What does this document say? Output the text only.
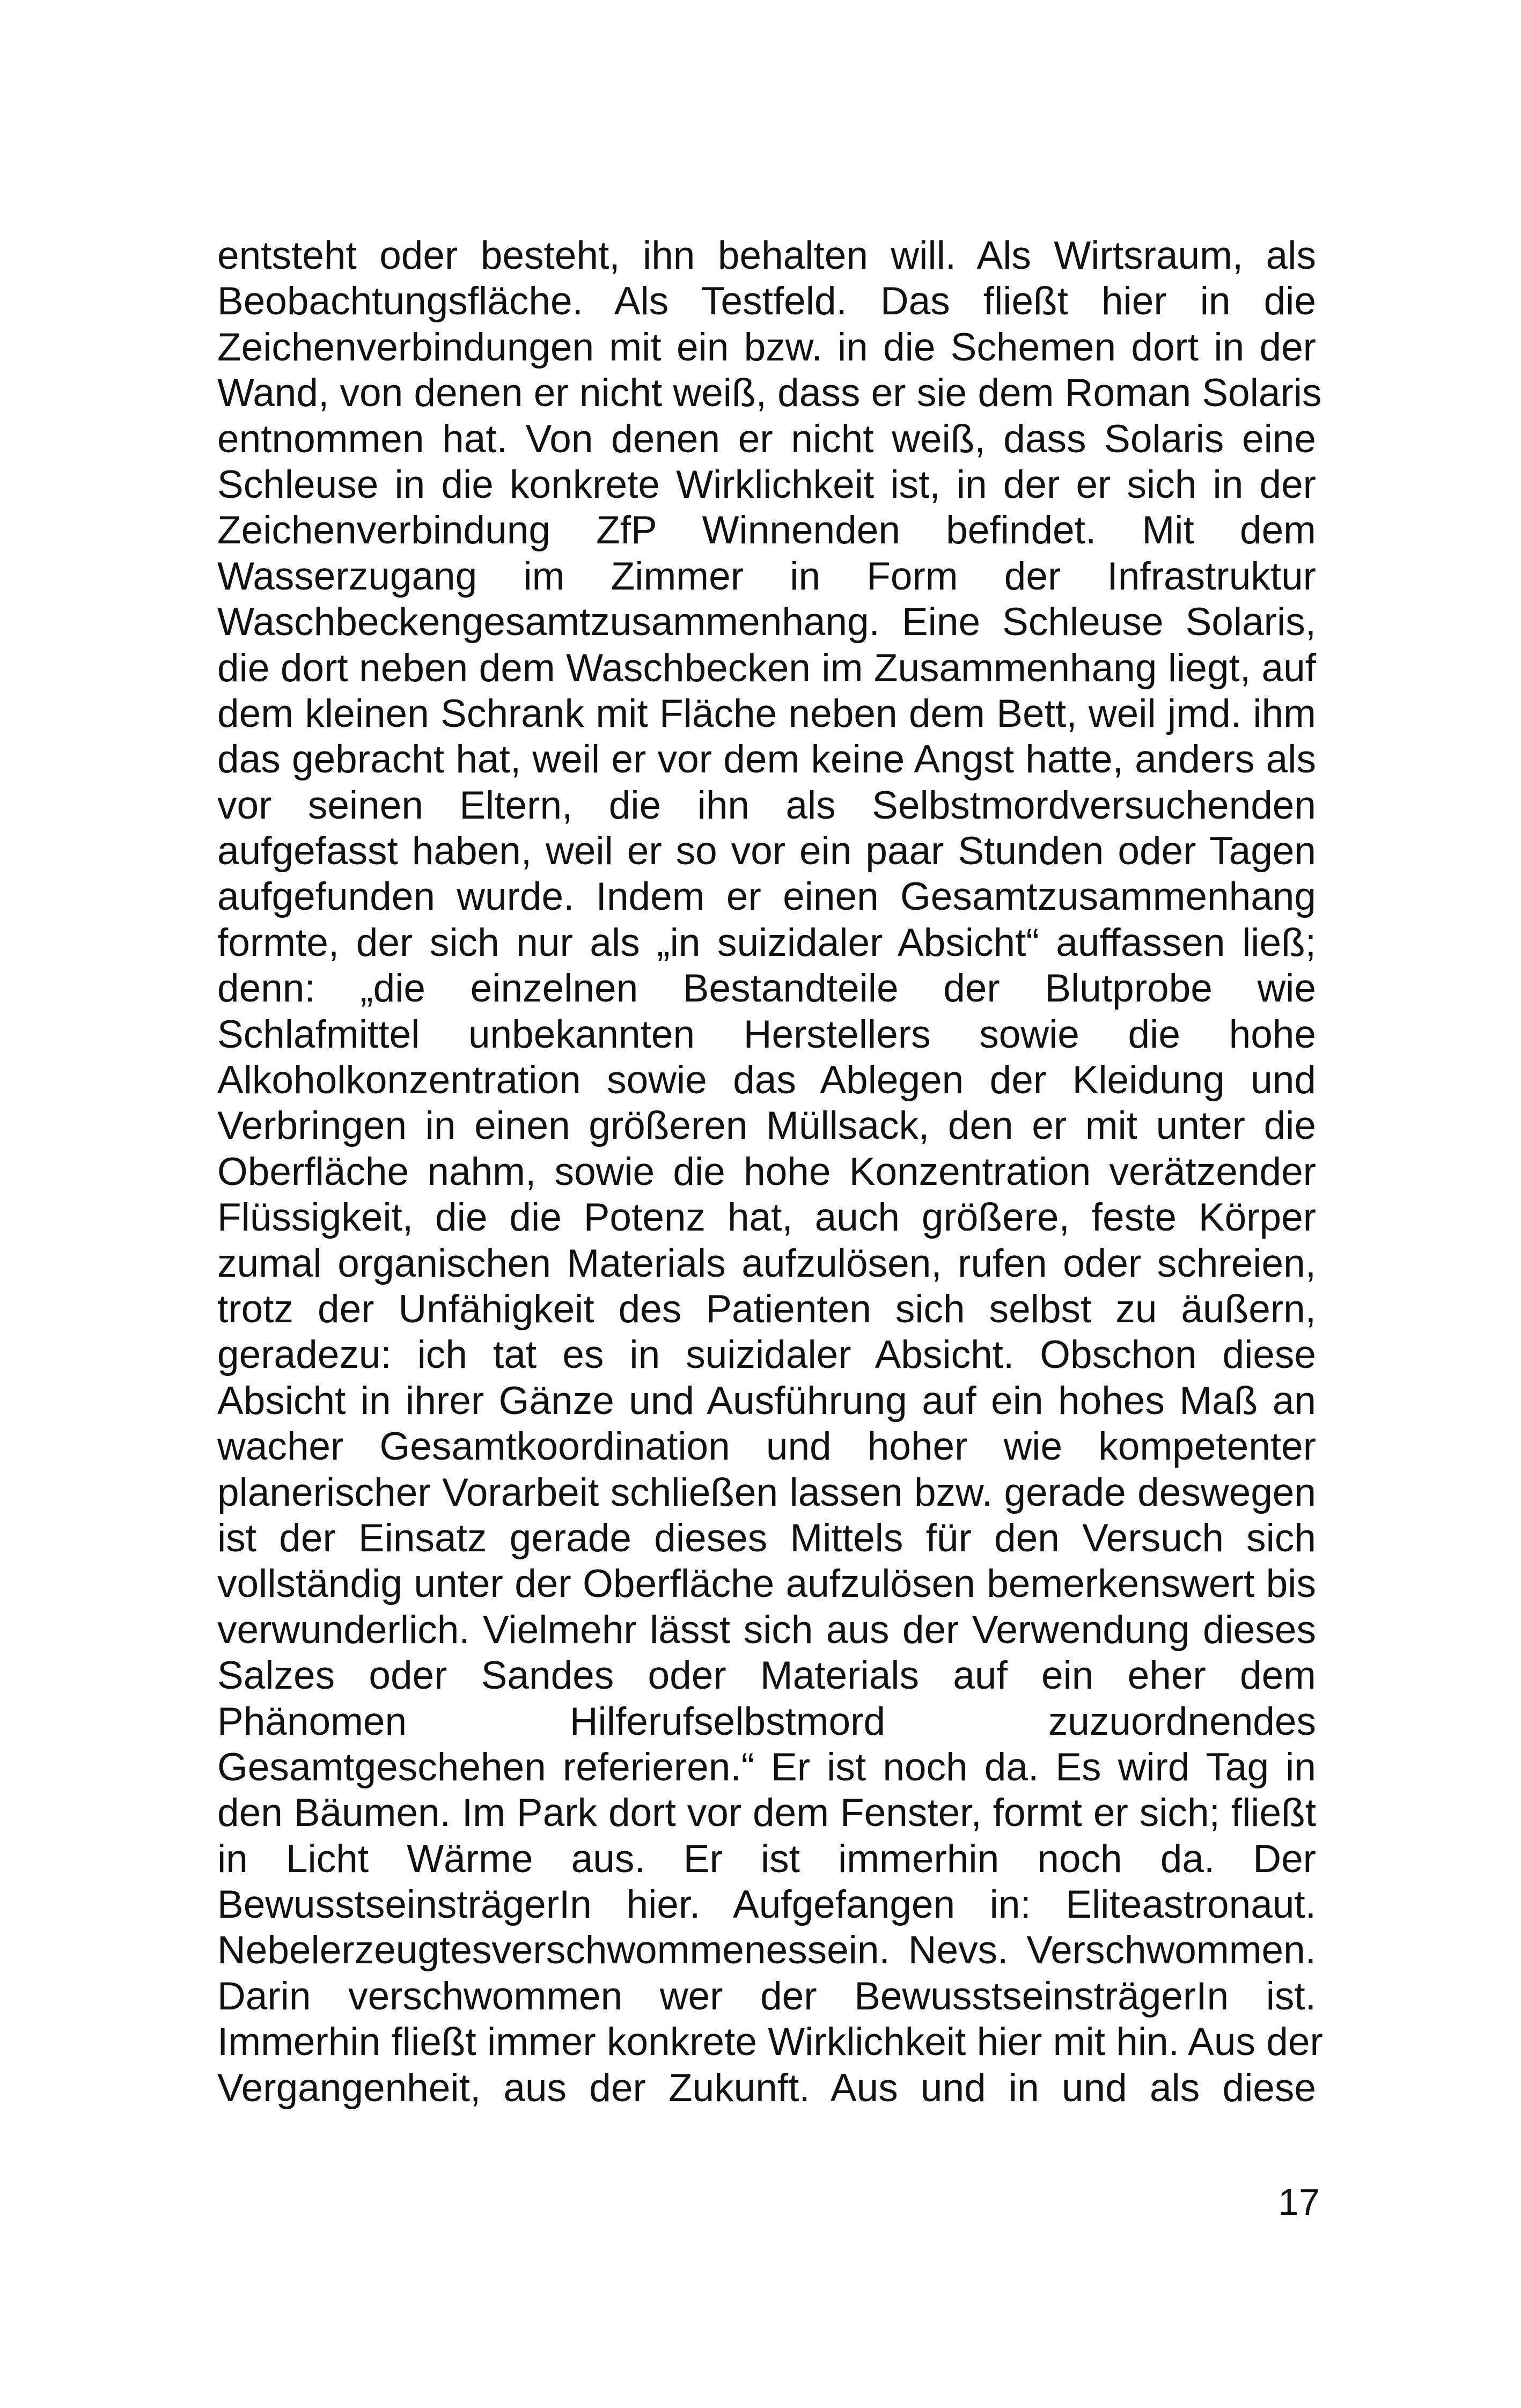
entsteht oder besteht, ihn behalten will. Als Wirtsraum, als
Beobachtungsfläche. Als Testfeld. Das fließt hier in die
Zeichenverbindungen mit ein bzw. in die Schemen dort in der
Wand, von denen er nicht weiß, dass er sie dem Roman Solaris
entnommen hat. Von denen er nicht weiß, dass Solaris eine
Schleuse in die konkrete Wirklichkeit ist, in der er sich in der
Zeichenverbindung ZfP Winnenden befindet. Mit dem
Wasserzugang im Zimmer in Form der Infrastruktur
Waschbeckengesamtzusammenhang. Eine Schleuse Solaris,
die dort neben dem Waschbecken im Zusammenhang liegt, auf
dem kleinen Schrank mit Fläche neben dem Bett, weil jmd. ihm
das gebracht hat, weil er vor dem keine Angst hatte, anders als
vor seinen Eltern, die ihn als Selbstmordversuchenden
aufgefasst haben, weil er so vor ein paar Stunden oder Tagen
aufgefunden wurde. Indem er einen Gesamtzusammenhang
formte, der sich nur als „in suizidaler Absicht“ auffassen ließ;
denn: „die einzelnen Bestandteile der Blutprobe wie
Schlafmittel unbekannten Herstellers sowie die hohe
Alkoholkonzentration sowie das Ablegen der Kleidung und
Verbringen in einen größeren Müllsack, den er mit unter die
Oberfläche nahm, sowie die hohe Konzentration verätzender
Flüssigkeit, die die Potenz hat, auch größere, feste Körper
zumal organischen Materials aufzulösen, rufen oder schreien,
trotz der Unfähigkeit des Patienten sich selbst zu äußern,
geradezu: ich tat es in suizidaler Absicht. Obschon diese
Absicht in ihrer Gänze und Ausführung auf ein hohes Maß an
wacher Gesamtkoordination und hoher wie kompetenter
planerischer Vorarbeit schließen lassen bzw. gerade deswegen
ist der Einsatz gerade dieses Mittels für den Versuch sich
vollständig unter der Oberfläche aufzulösen bemerkenswert bis
verwunderlich. Vielmehr lässt sich aus der Verwendung dieses
Salzes oder Sandes oder Materials auf ein eher dem
Phänomen Hilferufselbstmord zuzuordnendes
Gesamtgeschehen referieren.“ Er ist noch da. Es wird Tag in
den Bäumen. Im Park dort vor dem Fenster, formt er sich; fließt
in Licht Wärme aus. Er ist immerhin noch da. Der
BewusstseinsträgerIn hier. Aufgefangen in: Eliteastronaut.
Nebelerzeugtesverschwommenessein. Nevs. Verschwommen.
Darin verschwommen wer der BewusstseinsträgerIn ist.
Immerhin fließt immer konkrete Wirklichkeit hier mit hin. Aus der
Vergangenheit, aus der Zukunft. Aus und in und als diese
17
